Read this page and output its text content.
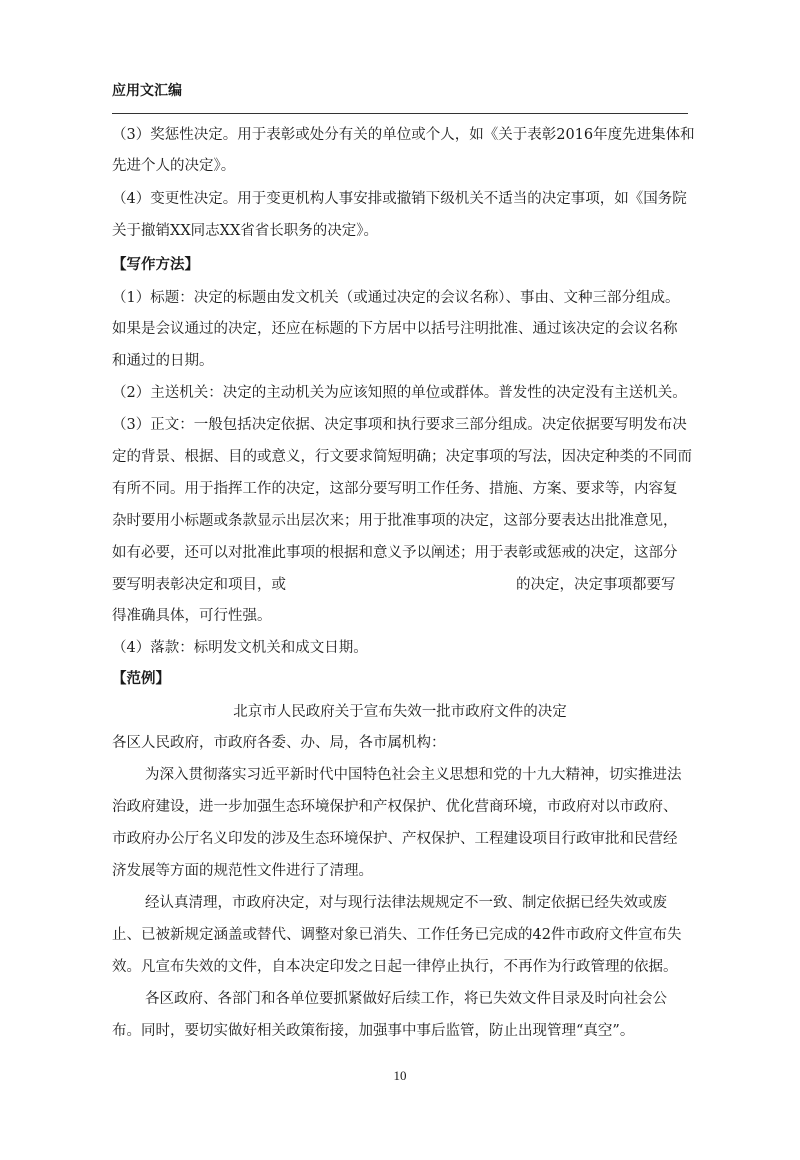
应用文汇编
（3）奖惩性决定。用于表彰或处分有关的单位或个人，如《关于表彰2016年度先进集体和
先进个人的决定》。
（4）变更性决定。用于变更机构人事安排或撤销下级机关不适当的决定事项，如《国务院
关于撤销XX同志XX省省长职务的决定》。
【写作方法】
（1）标题：决定的标题由发文机关（或通过决定的会议名称）、事由、文种三部分组成。
如果是会议通过的决定，还应在标题的下方居中以括号注明批准、通过该决定的会议名称
和通过的日期。
（2）主送机关：决定的主动机关为应该知照的单位或群体。普发性的决定没有主送机关。
（3）正文：一般包括决定依据、决定事项和执行要求三部分组成。决定依据要写明发布决
定的背景、根据、目的或意义，行文要求简短明确；决定事项的写法，因决定种类的不同而
有所不同。用于指挥工作的决定，这部分要写明工作任务、措施、方案、要求等，内容复
杂时要用小标题或条款显示出层次来；用于批准事项的决定，这部分要表达出批准意见，
如有必要，还可以对批准此事项的根据和意义予以阐述；用于表彰或惩戒的决定，这部分
要写明表彰决定和项目，或	的决定，决定事项都要写
得准确具体，可行性强。
（4）落款：标明发文机关和成文日期。
【范例】
北京市人民政府关于宣布失效一批市政府文件的决定
各区人民政府，市政府各委、办、局，各市属机构：
为深入贯彻落实习近平新时代中国特色社会主义思想和党的十九大精神，切实推进法
治政府建设，进一步加强生态环境保护和产权保护、优化营商环境，市政府对以市政府、
市政府办公厅名义印发的涉及生态环境保护、产权保护、工程建设项目行政审批和民营经
济发展等方面的规范性文件进行了清理。
经认真清理，市政府决定，对与现行法律法规规定不一致、制定依据已经失效或废
止、已被新规定涵盖或替代、调整对象已消失、工作任务已完成的42件市政府文件宣布失
效。凡宣布失效的文件，自本决定印发之日起一律停止执行，不再作为行政管理的依据。
各区政府、各部门和各单位要抓紧做好后续工作，将已失效文件目录及时向社会公
布。同时，要切实做好相关政策衔接，加强事中事后监管，防止出现管理“真空”。
10
